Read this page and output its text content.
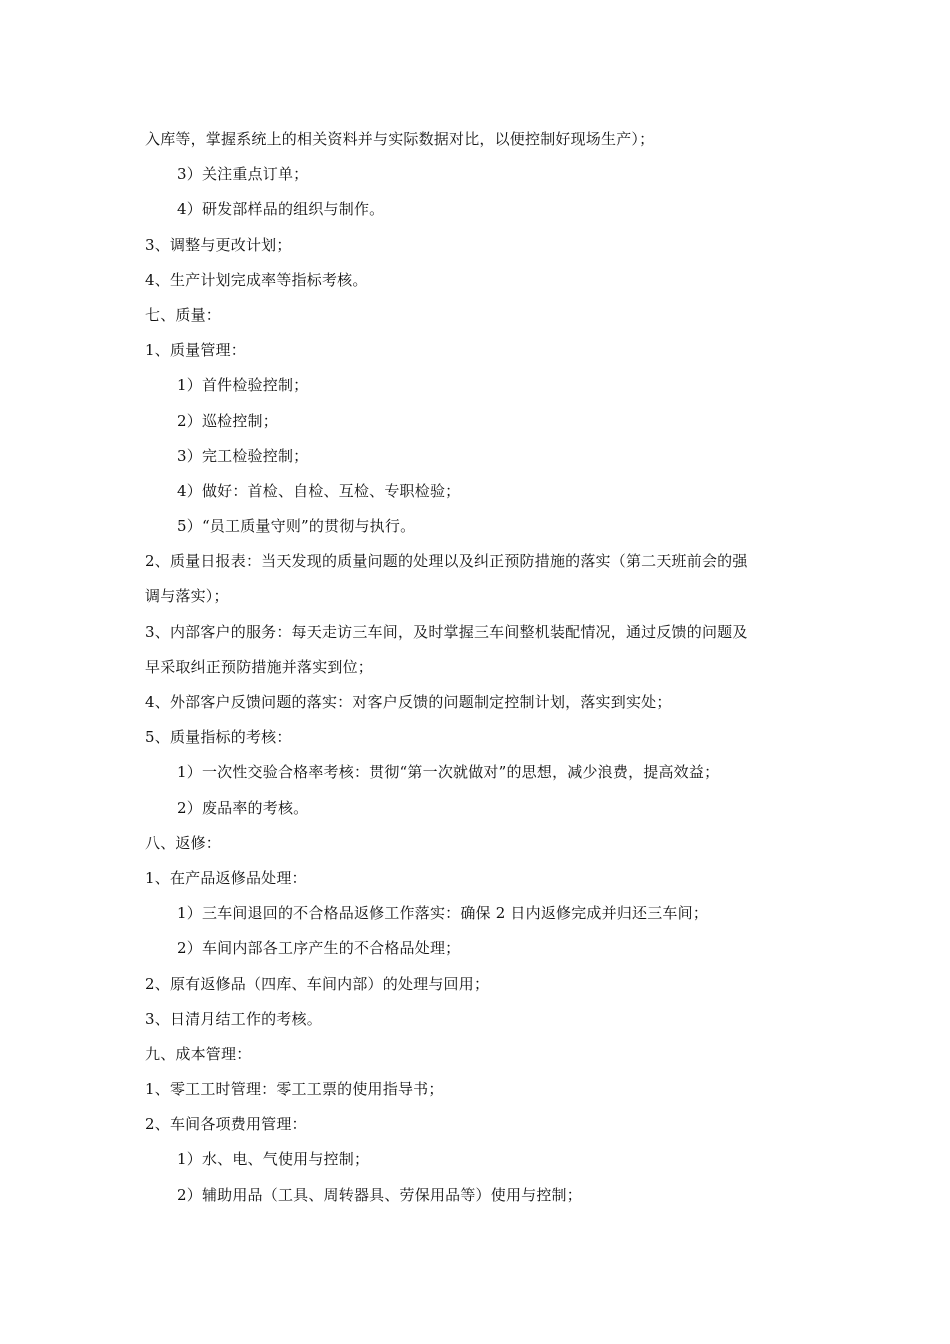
入库等，掌握系统上的相关资料并与实际数据对比，以便控制好现场生产）；
3）关注重点订单；
4）研发部样品的组织与制作。
3、调整与更改计划；
4、生产计划完成率等指标考核。
七、质量：
1、质量管理：
1）首件检验控制；
2）巡检控制；
3）完工检验控制；
4）做好：首检、自检、互检、专职检验；
5）“员工质量守则”的贯彻与执行。
2、质量日报表：当天发现的质量问题的处理以及纠正预防措施的落实（第二天班前会的强
调与落实）；
3、内部客户的服务：每天走访三车间，及时掌握三车间整机装配情况，通过反馈的问题及
早采取纠正预防措施并落实到位；
4、外部客户反馈问题的落实：对客户反馈的问题制定控制计划，落实到实处；
5、质量指标的考核：
1）一次性交验合格率考核：贯彻“第一次就做对”的思想，减少浪费，提高效益；
2）废品率的考核。
八、返修：
1、在产品返修品处理：
1）三车间退回的不合格品返修工作落实：确保 2 日内返修完成并归还三车间；
2）车间内部各工序产生的不合格品处理；
2、原有返修品（四库、车间内部）的处理与回用；
3、日清月结工作的考核。
九、成本管理：
1、零工工时管理：零工工票的使用指导书；
2、车间各项费用管理：
1）水、电、气使用与控制；
2）辅助用品（工具、周转器具、劳保用品等）使用与控制；
